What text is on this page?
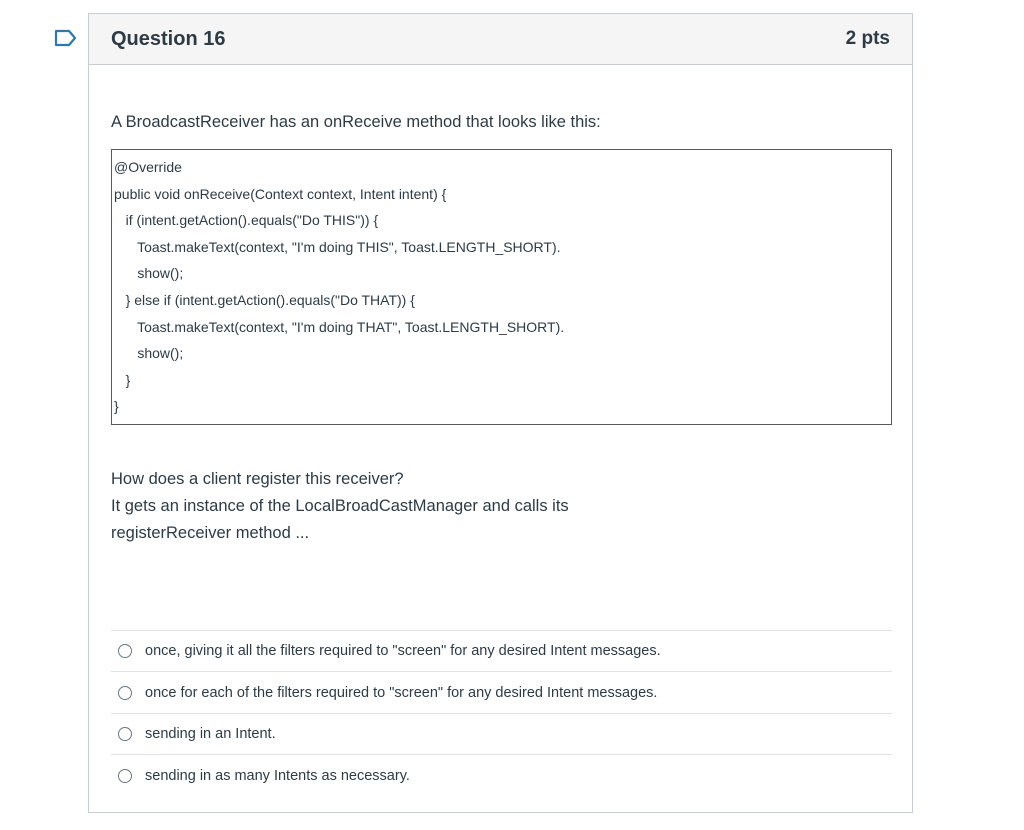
Question 16	2 pts
A BroadcastReceiver has an onReceive method that looks like this:
@Override
public void onReceive(Context context, Intent intent) {
if (intent.getAction().equals("Do THIS")) {
Toast.makeText(context, "I'm doing THIS", Toast.LENGTH_SHORT).
show();
} else if (intent.getAction().equals("Do THAT)) {
Toast.makeText(context, "I'm doing THAT", Toast.LENGTH_SHORT).
show();
}
}
How does a client register this receiver?
It gets an instance of the LocalBroadCastManager and calls its
registerReceiver method ...
once, giving it all the filters required to "screen" for any desired Intent messages.
once for each of the filters required to "screen" for any desired Intent messages.
sending in an Intent.
sending in as many Intents as necessary.
